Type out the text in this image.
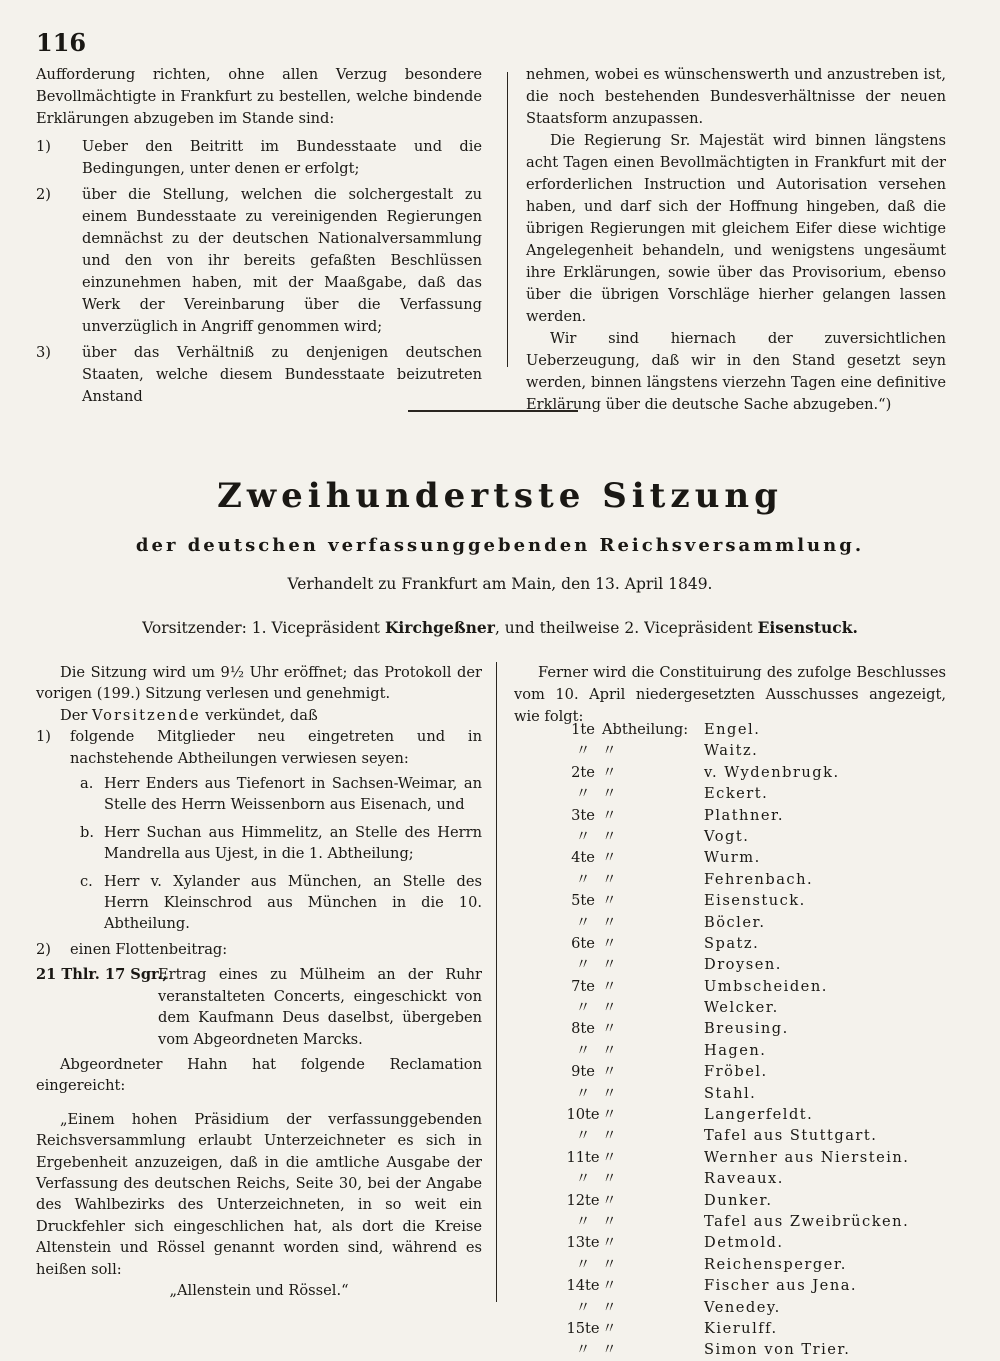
116

Aufforderung richten, ohne allen Verzug besondere Bevollmächtigte in Frankfurt zu bestellen, welche bindende Erklärungen abzugeben im Stande sind:

1) Ueber den Beitritt im Bundesstaate und die Bedingungen, unter denen er erfolgt;

2) über die Stellung, welchen die solchergestalt zu einem Bundesstaate zu vereinigenden Regierungen demnächst zu der deutschen Nationalversammlung und den von ihr bereits gefaßten Beschlüssen einzunehmen haben, mit der Maaßgabe, daß das Werk der Vereinbarung über die Verfassung unverzüglich in Angriff genommen wird;

3) über das Verhältniß zu denjenigen deutschen Staaten, welche diesem Bundesstaate beizutreten Anstand

nehmen, wobei es wünschenswerth und anzustreben ist, die noch bestehenden Bundesverhältnisse der neuen Staatsform anzupassen.

Die Regierung Sr. Majestät wird binnen längstens acht Tagen einen Bevollmächtigten in Frankfurt mit der erforderlichen Instruction und Autorisation versehen haben, und darf sich der Hoffnung hingeben, daß die übrigen Regierungen mit gleichem Eifer diese wichtige Angelegenheit behandeln, und wenigstens ungesäumt ihre Erklärungen, sowie über das Provisorium, ebenso über die übrigen Vorschläge hierher gelangen lassen werden.

Wir sind hiernach der zuversichtlichen Ueberzeugung, daß wir in den Stand gesetzt seyn werden, binnen längstens vierzehn Tagen eine definitive Erklärung über die deutsche Sache abzugeben.“)

Zweihundertste Sitzung
der deutschen verfassunggebenden Reichsversammlung.
Verhandelt zu Frankfurt am Main, den 13. April 1849.
Vorsitzender: 1. Vicepräsident Kirchgeßner, und theilweise 2. Vicepräsident Eisenstuck.

Die Sitzung wird um 9½ Uhr eröffnet; das Protokoll der vorigen (199.) Sitzung verlesen und genehmigt.

Der Vorsitzende verkündet, daß

1) folgende Mitglieder neu eingetreten und in nachstehende Abtheilungen verwiesen seyen:

a. Herr Enders aus Tiefenort in Sachsen-Weimar, an Stelle des Herrn Weissenborn aus Eisenach, und

b. Herr Suchan aus Himmelitz, an Stelle des Herrn Mandrella aus Ujest, in die 1. Abtheilung;

c. Herr v. Xylander aus München, an Stelle des Herrn Kleinschrod aus München in die 10. Abtheilung.

2) einen Flottenbeitrag:

21 Thlr. 17 Sgr.,
Ertrag eines zu Mülheim an der Ruhr veranstalteten Concerts, eingeschickt von dem Kaufmann Deus daselbst, übergeben vom Abgeordneten Marcks.

Abgeordneter Hahn hat folgende Reclamation eingereicht:

„Einem hohen Präsidium der verfassunggebenden Reichsversammlung erlaubt Unterzeichneter es sich in Ergebenheit anzuzeigen, daß in die amtliche Ausgabe der Verfassung des deutschen Reichs, Seite 30, bei der Angabe des Wahlbezirks des Unterzeichneten, in so weit ein Druckfehler sich eingeschlichen hat, als dort die Kreise Altenstein und Rössel genannt worden sind, während es heißen soll:

„Allenstein und Rössel.“

Ferner wird die Constituirung des zufolge Beschlusses vom 10. April niedergesetzten Ausschusses angezeigt, wie folgt:

1te Abtheilung: Engel.
〃 〃	Waitz.
2te 〃	v. Wydenbrugk.
〃 〃	Eckert.
3te 〃	Plathner.
〃 〃	Vogt.
4te 〃	Wurm.
〃 〃	Fehrenbach.
5te 〃	Eisenstuck.
〃 〃	Böcler.
6te 〃	Spatz.
〃 〃	Droysen.
7te 〃	Umbscheiden.
〃 〃	Welcker.
8te 〃	Breusing.
〃 〃	Hagen.
9te 〃	Fröbel.
〃 〃	Stahl.
10te 〃	Langerfeldt.
〃 〃	Tafel aus Stuttgart.
11te 〃	Wernher aus Nierstein.
〃 〃	Raveaux.
12te 〃	Dunker.
〃 〃	Tafel aus Zweibrücken.
13te 〃	Detmold.
〃 〃	Reichensperger.
14te 〃	Fischer aus Jena.
〃 〃	Venedey.
15te 〃	Kierulff.
〃 〃	Simon von Trier.
